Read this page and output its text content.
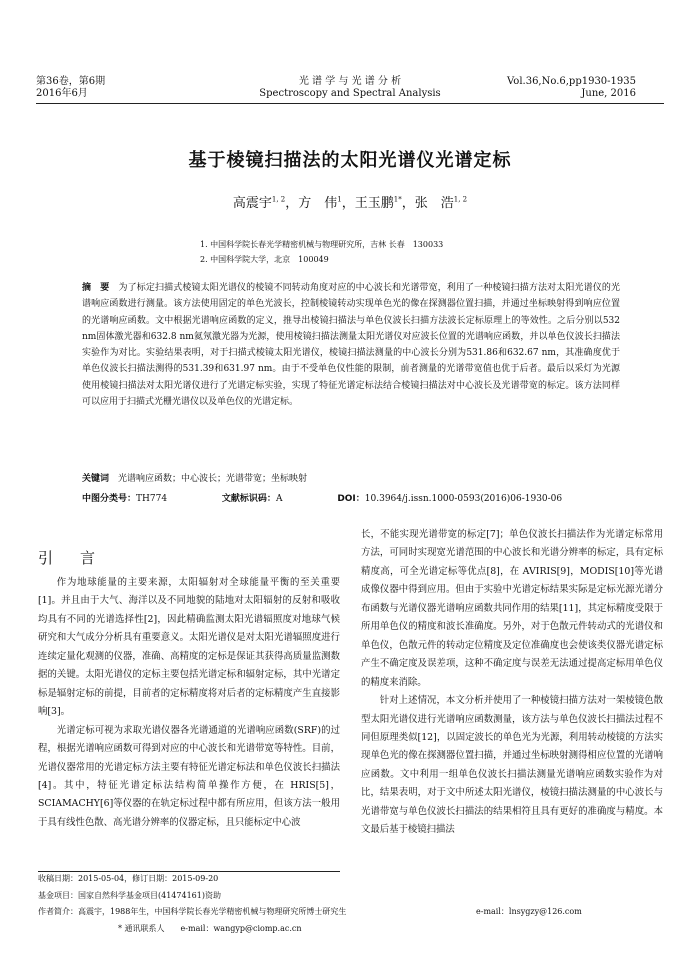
第36卷，第6期
2016年6月
光 谱 学 与 光 谱 分 析
Spectroscopy and Spectral Analysis
Vol.36,No.6,pp1930-1935
June, 2016
基于棱镜扫描法的太阳光谱仪光谱定标
高震宇$^{1, 2}$，方　伟$^1$，王玉鹏$^{1*}$，张　浩$^{1, 2}$
1. 中国科学院长春光学精密机械与物理研究所，吉林 长春　130033
2. 中国科学院大学，北京　100049
摘　要　 为了标定扫描式棱镜太阳光谱仪的棱镜不同转动角度对应的中心波长和光谱带宽，利用了一种棱镜扫描方法对太阳光谱仪的光谱响应函数进行测量。该方法使用固定的单色光波长，控制棱镜转动实现单色光的像在探测器位置扫描，并通过坐标映射得到响应位置的光谱响应函数。文中根据光谱响应函数的定义，推导出棱镜扫描法与单色仪波长扫描方法波长定标原理上的等效性。之后分别以532 nm固体激光器和632.8 nm氦氖激光器为光源，使用棱镜扫描法测量太阳光谱仪对应波长位置的光谱响应函数，并以单色仪波长扫描法实验作为对比。实验结果表明，对于扫描式棱镜太阳光谱仪，棱镜扫描法测量的中心波长分别为531.86和632.67 nm，其准确度优于单色仪波长扫描法测得的531.39和631.97 nm。由于不受单色仪性能的限制，前者测量的光谱带宽值也优于后者。最后以采灯为光源使用棱镜扫描法对太阳光谱仪进行了光谱定标实验，实现了特征光谱定标法结合棱镜扫描法对中心波长及光谱带宽的标定。该方法同样可以应用于扫描式光栅光谱仪以及单色仪的光谱定标。
关键词　 光谱响应函数；中心波长；光谱带宽；坐标映射
中图分类号：TH774	文献标识码：A	DOI：10.3964/j.issn.1000-0593(2016)06-1930-06
引　言

作为地球能量的主要来源，太阳辐射对全球能量平衡的至关重要[1]。并且由于大气、海洋以及不同地貌的陆地对太阳辐射的反射和吸收均具有不同的光谱选择性[2]，因此精确监测太阳光谱辐照度对地球气候研究和大气成分分析具有重要意义。太阳光谱仪是对太阳光谱辐照度进行连续定量化观测的仪器，准确、高精度的定标是保证其获得高质量监测数据的关键。太阳光谱仪的定标主要包括光谱定标和辐射定标，其中光谱定标是辐射定标的前提，目前者的定标精度将对后者的定标精度产生直接影响[3]。

光谱定标可视为求取光谱仪器各光谱通道的光谱响应函数(SRF)的过程，根据光谱响应函数可得到对应的中心波长和光谱带宽等特性。目前，光谱仪器常用的光谱定标方法主要有特征光谱定标法和单色仪波长扫描法[4]。其中，特征光谱定标法结构简单操作方便，在 HRIS[5]，SCIAMACHY[6]等仪器的在轨定标过程中都有所应用，但该方法一般用于具有线性色散、高光谱分辨率的仪器定标，且只能标定中心波

长，不能实现光谱带宽的标定[7]；单色仪波长扫描法作为光谱定标常用方法，可同时实现宽光谱范围的中心波长和光谱分辨率的标定，具有定标精度高，可全光谱定标等优点[8]，在 AVIRIS[9]，MODIS[10]等光谱成像仪器中得到应用。但由于实验中光谱定标结果实际是定标光源光谱分布函数与光谱仪器光谱响应函数共同作用的结果[11]，其定标精度受限于所用单色仪的精度和波长准确度。另外，对于色散元件转动式的光谱仪和单色仪，色散元件的转动定位精度及定位准确度也会使该类仪器光谱定标产生不确定度及误差项，这种不确定度与误差无法通过提高定标用单色仪的精度来消除。

针对上述情况，本文分析并使用了一种棱镜扫描方法对一架棱镜色散型太阳光谱仪进行光谱响应函数测量，该方法与单色仪波长扫描法过程不同但原理类似[12]，以固定波长的单色光为光源，利用转动棱镜的方法实现单色光的像在探测器位置扫描，并通过坐标映射测得相应位置的光谱响应函数。文中利用一组单色仪波长扫描法测量光谱响应函数实验作为对比，结果表明，对于文中所述太阳光谱仪，棱镜扫描法测量的中心波长与光谱带宽与单色仪波长扫描法的结果相符且具有更好的准确度与精度。本文最后基于棱镜扫描法

收稿日期：2015-05-04，修订日期：2015-09-20
基金项目：国家自然科学基金项目(41474161)资助
作者简介：高震宇，1988年生，中国科学院长春光学精密机械与物理研究所博士研究生	e-mail：lnsygzy@126.com
* 通讯联系人　　e-mail：wangyp@ciomp.ac.cn
